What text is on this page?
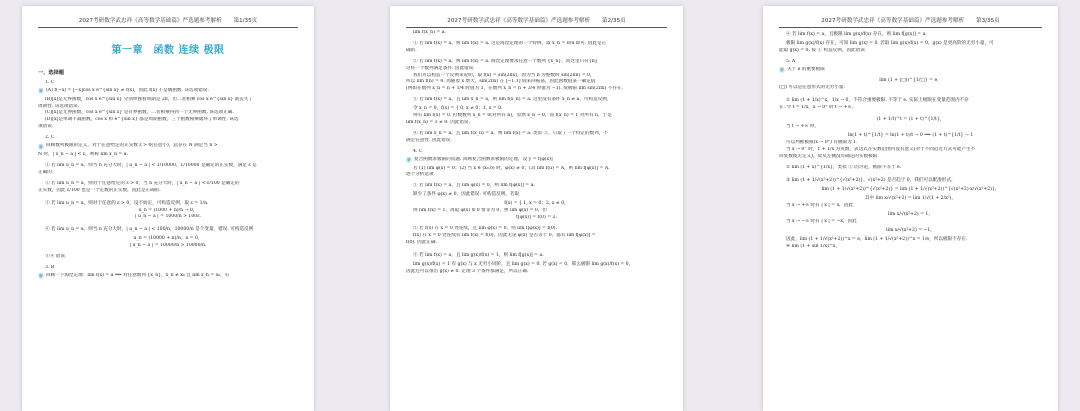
2027考研数学武忠祥《高等数学基础篇》严选题参考解析 第1/35页
第一章　函数 连续 极限
一、选择题
1. C
解 (A) f(−x) = [−x]cos x e^{sin x} ≠ f(x)，因此 f(x) 不是偶函数. 该选项错误.
(B)[x]是无界函数，cos x e^{sin x} 分别单独看周期是 2π，但二者相乘 cos x e^{sin x} 就丧失了
周期性. 该选项错误.
(C)[x]是无界函数，cos x e^{sin x} 是有界函数，二者相乘得到一个无界函数. 该选项正确.
(D)[x]是单调不减函数，cos x 和 e^{sin x} 都是周期函数，三个函数相乘破坏了单调性. 该选
项错误.
2. C
解 回顾数列极限的定义，对于任意给定的正实数 ε > 0(任意小)，总存在 N 满足当 n >
N 时，| x_n − a | < ε，则称 lim x_n = a.
① 若 lim u_n = a，则当 n 充分大时，| u_n − a | < 1/10000，1/10000 是确定的正实数，满足 ε 是
正确的.
② 若 lim u_n = a，则对于任意给定的 ε > 0，当 n 充分大时，| u_n − a | < ε/100 是确定的
正实数，因此 ε/100 也是一个定数的正实数，因此是正确的.
③ 若 lim u_n = a，则对于任意的 ε > 0，设不妨定，可构造反例，取 ε = 1/n.
u_n = (1000 + n)/n → 0，
| u_n − a | = 1000/n > 100ε.
④ 若 lim u_n = a，则当 n 充分大时，| u_n − a | < 100/n，10000/n 是个变量，错误. 可构造反例
u_n = (10000 + n)/n，a = 0，
| u_n − a | = 10000/n > 10000/n.
③④ 错误.
3. B
解 回顾一下海涅定理：lim f(x) = a ⟺ 对任意数列 {x_n}，x_n ≠ x₀ 且 lim x_n = x₀，有
2027考研数学武忠祥《高等数学基础篇》严选题参考解析 第2/35页
lim f(x_n) = a.
① 若 lim f(x) = a，则 lim f(x) = a. 这是海涅定理的一个特例，取 x_n = π/n 即可. 因此是正
确的.
② 若 lim f(x) = a，则 lim f(x) = a. 海涅定理要求任意一个数列 {x_n}，而这里只有{n}
这样一个数列满足条件. 因此错误.
我们可以构造一个反例来说明，取 f(x) = sin(2πx)，因为当 n 为整数时 sin(2πn) = 0，
所以 lim f(n) = 0. 而随着 x 增大，sin(2πx) 在 [−1,1] 间来回振荡，因此函数值某一确定值
(例如在数列 x_n = n + 1/4 时值为 1，在数列 x_n = n + 3/4 时值为 −1). 故极限 lim sin(2πx) 不存在.
③ 若 lim f(x) = a，且 lim x_n = a，则 lim f(x_n) = a. 这里没有条件 x_n ≠ a，可构造反例，
令 x_n = 0，f(x) = { 0, x ≠ 0；1, x = 0.
则有 lim f(x) = 0. 但数数列 x_n = 0(对所有 n)，显然 x_n → 0，而 f(x_n) = 1 对所有 n，于是
lim f(x_n) = 1 ≠ 0. 因此错误.
④ 若 lim x_n = a，且 lim f(x_n) = a，则 lim f(x) = a. 类似 ②，只取了一个特定的数列，不
满足任意性. 因此错误.
4. C
解 复合函数求极限的问题. 回顾复合函数求极限的定理，设 y = f[φ(x)]
若 (1) lim φ(x) = 0；(2) 当 x ∈ (x₀,δ) 时，φ(x) ≠ 0；(3) lim f(u) = A，则 lim f[φ(x)] = A.
逐个分析选项
① 若 lim f(x) = a，且 lim φ(x) = 0，则 lim f[φ(x)] = a.
缺少了条件 φ(x) ≠ 0，因此错误. 可构造反例，若取
f(x) = { 1, x = 0；2, x ≠ 0，
则 lim f(x) = 1，再取 φ(x) ≡ 0 恒等为 0，则 lim φ(x) = 0，但
f[φ(x)] = f(0) = 2.
② 若 f(x) 在 x = 0 处连续，且 lim φ(x) = 0，则 lim f[φ(x)] = f(0).
f(x) 在 x = 0 处连续有 lim f(x) = f(0)，因此无论 φ(x) 是否等于 0，都有 lim f[φ(x)] =
f(0). 因此正确.
③ 若 lim f(x) = a，且 lim g(x)/f(x) = 1，则 lim f[g(x)] = a.
lim g(x)/f(x) = 1 有 g(x) 与 x 无穷小同阶，且 lim g(x) = 0. 若 g(x) = 0，那么极限 lim g(x)/f(x) = 0，
因此还可以推出 g(x) ≠ 0. 定理 3 个条件都满足，所以正确.
2027考研数学武忠祥《高等数学基础篇》严选题参考解析 第3/35页
④ 若 lim f(x) = a，且极限 lim g(x)/f(x) 存在，则 lim f[g(x)] = a.
极限 lim g(x)/f(x) 存在，可知 lim g(x) = 0. 若取 lim g(x)/f(x) = 0，g(x) 是更高阶的无穷小量，可
能取 g(x) = 0. 按 ① 构造反例，因此错误.
5. A
解 关于 e 的重要极限
lim (1 + (□))^{1/□} = e，
(□) 可以是任意形式的无穷小量.
① lim (1 + 1/x)^x，1/x → 0，不符合重要极限. 不等于 e. 实际上极限在变量范围内不存
在. 令 t = 1/x，x → 0⁺ 时 t → +∞，
(1 + 1/t)^t = (1 + t)^{1/t}，
当 t → +∞ 时，
ln(1 + t)^{1/t} = ln(1 + t)/t → 0 ⟹ (1 + t)^{1/t} → 1
可以判断极限(x → 0⁺) 有极限为 1.
当 x → 0⁻ 时，1 + 1/x 为负数，表达式在实数范围内没有意义(对于不同趋近方式可能产生不
同复数或无定义)，故从左侧没有确定的实数极限.
② lim (1 + x)^{1/x}，类似 ① 的讨论，极限不等于 e.
③ lim (1 + 1/√(x²+2))^{√(x²+2)}，√(x²+2) 是否趋于 0，我们可以配凑形式，
lim (1 + 1/√(x²+2))^{√(x²+2)} = lim (1 + 1/√(x²+2))^{√(x²+2)·x/√(x²+2)}，
其中 lim x/√(x²+2) = lim 1/√(1 + 2/x²)，
当 x → +∞ 时有 | x | = x，因此
lim x/√(x²+2) = 1，
当 x → −∞ 时有 | x | = −x，因此
lim x/√(x²+2) = −1，
因此，lim (1 + 1/√(x²+2))^x = e，lim (1 + 1/√(x²+2))^x = 1/e，所以极限不存在.
④ lim (1 + sin 1/x)^x，
